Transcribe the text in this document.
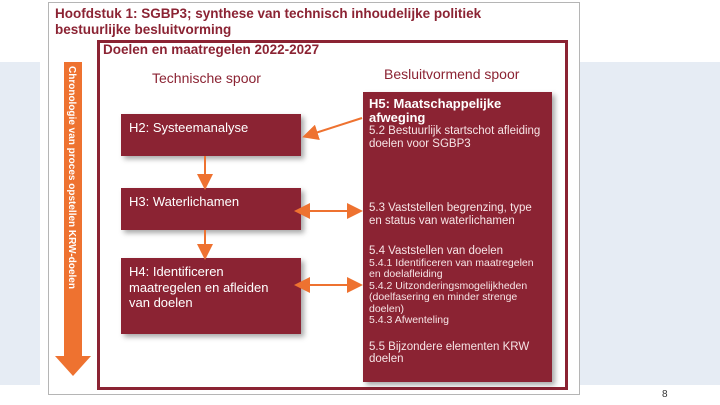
Hoofdstuk 1: SGBP3; synthese van technisch inhoudelijke politiek bestuurlijke besluitvorming
Doelen en maatregelen 2022-2027
Technische spoor	Besluitvormend spoor
Chronologie van proces opstellen KRW-doelen	H2: Systeemanalyse
H3: Waterlichamen
H4: Identificeren maatregelen en afleiden van doelen
H5: Maatschappelijke afweging
5.2 Bestuurlijk startschot afleiding doelen voor SGBP3
5.3 Vaststellen begrenzing, type en status van waterlichamen
5.4 Vaststellen van doelen
5.4.1 Identificeren van maatregelen en doelafleiding
5.4.2 Uitzonderingsmogelijkheden (doelfasering en minder strenge doelen)
5.4.3 Afwenteling
5.5 Bijzondere elementen KRW doelen
8
